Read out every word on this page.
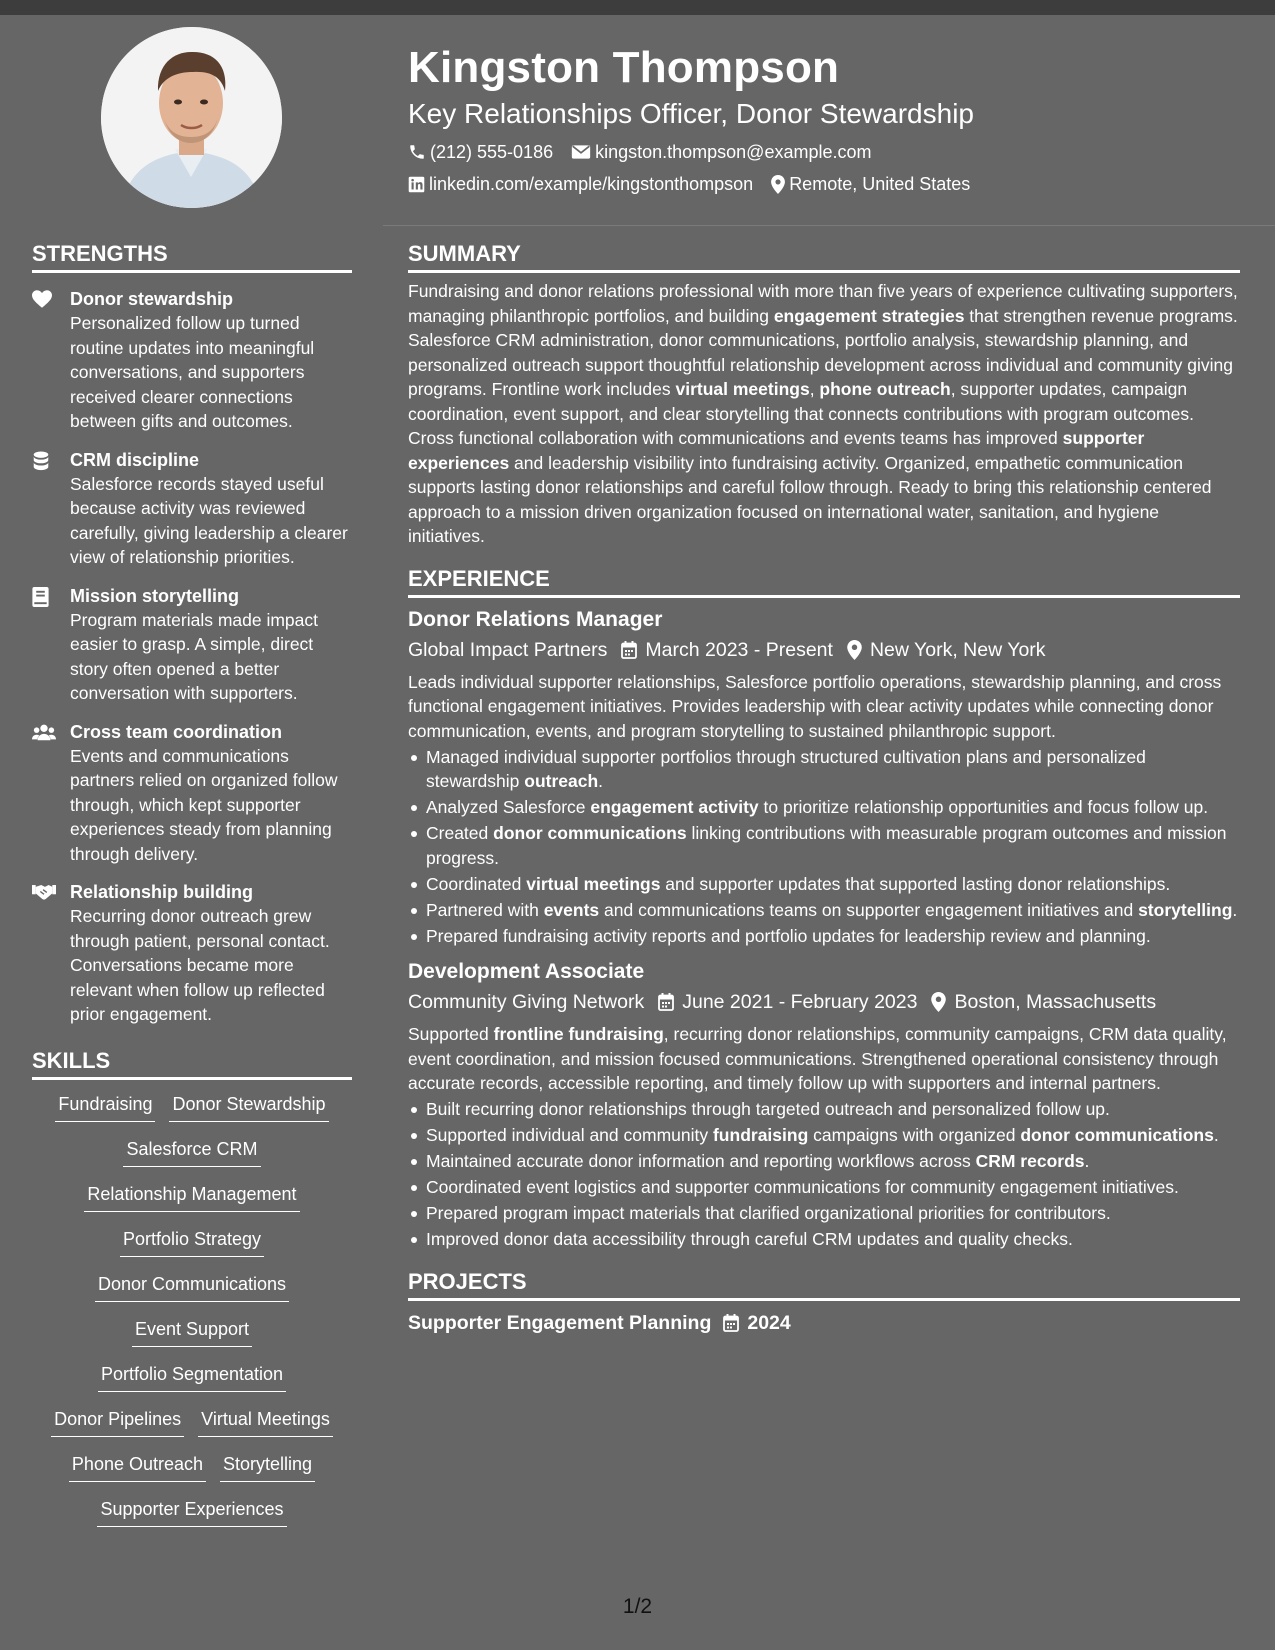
Kingston Thompson
Key Relationships Officer, Donor Stewardship
(212) 555-0186 kingston.thompson@example.com
linkedin.com/example/kingstonthompson Remote, United States
STRENGTHS
Donor stewardship
Personalized follow up turned routine updates into meaningful conversations, and supporters received clearer connections between gifts and outcomes.
CRM discipline
Salesforce records stayed useful because activity was reviewed carefully, giving leadership a clearer view of relationship priorities.
Mission storytelling
Program materials made impact easier to grasp. A simple, direct story often opened a better conversation with supporters.
Cross team coordination
Events and communications partners relied on organized follow through, which kept supporter experiences steady from planning through delivery.
Relationship building
Recurring donor outreach grew through patient, personal contact. Conversations became more relevant when follow up reflected prior engagement.
SKILLS
Fundraising Donor Stewardship
Salesforce CRM
Relationship Management
Portfolio Strategy
Donor Communications
Event Support
Portfolio Segmentation
Donor Pipelines Virtual Meetings
Phone Outreach Storytelling
Supporter Experiences
SUMMARY
Fundraising and donor relations professional with more than five years of experience cultivating supporters, managing philanthropic portfolios, and building engagement strategies that strengthen revenue programs. Salesforce CRM administration, donor communications, portfolio analysis, stewardship planning, and personalized outreach support thoughtful relationship development across individual and community giving programs. Frontline work includes virtual meetings, phone outreach, supporter updates, campaign coordination, event support, and clear storytelling that connects contributions with program outcomes. Cross functional collaboration with communications and events teams has improved supporter experiences and leadership visibility into fundraising activity. Organized, empathetic communication supports lasting donor relationships and careful follow through. Ready to bring this relationship centered approach to a mission driven organization focused on international water, sanitation, and hygiene initiatives.
EXPERIENCE
Donor Relations Manager
Global Impact Partners	March 2023 - Present	New York, New York
Leads individual supporter relationships, Salesforce portfolio operations, stewardship planning, and cross functional engagement initiatives. Provides leadership with clear activity updates while connecting donor communication, events, and program storytelling to sustained philanthropic support.
Managed individual supporter portfolios through structured cultivation plans and personalized stewardship outreach.
Analyzed Salesforce engagement activity to prioritize relationship opportunities and focus follow up.
Created donor communications linking contributions with measurable program outcomes and mission progress.
Coordinated virtual meetings and supporter updates that supported lasting donor relationships.
Partnered with events and communications teams on supporter engagement initiatives and storytelling.
Prepared fundraising activity reports and portfolio updates for leadership review and planning.
Development Associate
Community Giving Network	June 2021 - February 2023	Boston, Massachusetts
Supported frontline fundraising, recurring donor relationships, community campaigns, CRM data quality, event coordination, and mission focused communications. Strengthened operational consistency through accurate records, accessible reporting, and timely follow up with supporters and internal partners.
Built recurring donor relationships through targeted outreach and personalized follow up.
Supported individual and community fundraising campaigns with organized donor communications.
Maintained accurate donor information and reporting workflows across CRM records.
Coordinated event logistics and supporter communications for community engagement initiatives.
Prepared program impact materials that clarified organizational priorities for contributors.
Improved donor data accessibility through careful CRM updates and quality checks.
PROJECTS
Supporter Engagement Planning 2024
1/2
